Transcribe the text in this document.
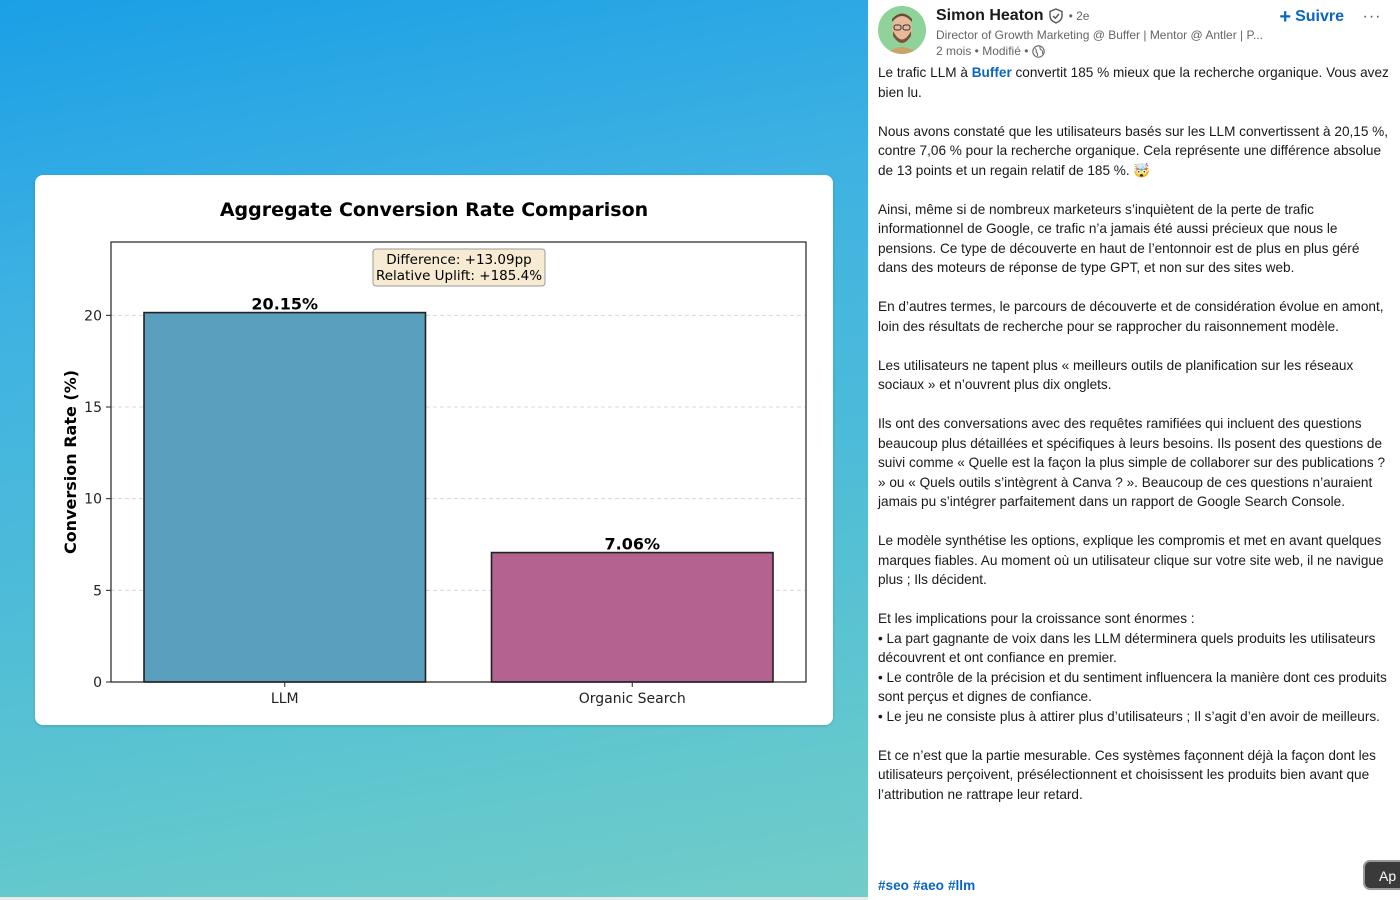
Aggregate Conversion Rate Comparison
0
5
10
15
20
LLM	Organic Search
20.15%
7.06%
Conversion Rate (%)
Difference: +13.09pp
Relative Uplift: +185.4%
Simon Heaton • 2e
Director of Growth Marketing @ Buffer | Mentor @ Antler | P...
2 mois • Modifié •
+ Suivre ···

Le trafic LLM à Buffer convertit 185 % mieux que la recherche organique. Vous avez bien lu.

Nous avons constaté que les utilisateurs basés sur les LLM convertissent à 20,15 %, contre 7,06 % pour la recherche organique. Cela représente une différence absolue de 13 points et un regain relatif de 185 %. 🤯

Ainsi, même si de nombreux marketeurs s’inquiètent de la perte de trafic informationnel de Google, ce trafic n’a jamais été aussi précieux que nous le pensions. Ce type de découverte en haut de l’entonnoir est de plus en plus géré dans des moteurs de réponse de type GPT, et non sur des sites web.

En d’autres termes, le parcours de découverte et de considération évolue en amont, loin des résultats de recherche pour se rapprocher du raisonnement modèle.

Les utilisateurs ne tapent plus « meilleurs outils de planification sur les réseaux sociaux » et n’ouvrent plus dix onglets.

Ils ont des conversations avec des requêtes ramifiées qui incluent des questions beaucoup plus détaillées et spécifiques à leurs besoins. Ils posent des questions de suivi comme « Quelle est la façon la plus simple de collaborer sur des publications ? » ou « Quels outils s’intègrent à Canva ? ». Beaucoup de ces questions n’auraient jamais pu s’intégrer parfaitement dans un rapport de Google Search Console.

Le modèle synthétise les options, explique les compromis et met en avant quelques marques fiables. Au moment où un utilisateur clique sur votre site web, il ne navigue plus ; Ils décident.

Et les implications pour la croissance sont énormes :
• La part gagnante de voix dans les LLM déterminera quels produits les utilisateurs découvrent et ont confiance en premier.
• Le contrôle de la précision et du sentiment influencera la manière dont ces produits sont perçus et dignes de confiance.
• Le jeu ne consiste plus à attirer plus d’utilisateurs ; Il s’agit d’en avoir de meilleurs.

Et ce n’est que la partie mesurable. Ces systèmes façonnent déjà la façon dont les utilisateurs perçoivent, présélectionnent et choisissent les produits bien avant que l’attribution ne rattrape leur retard.

#seo #aeo #llm
Ap
